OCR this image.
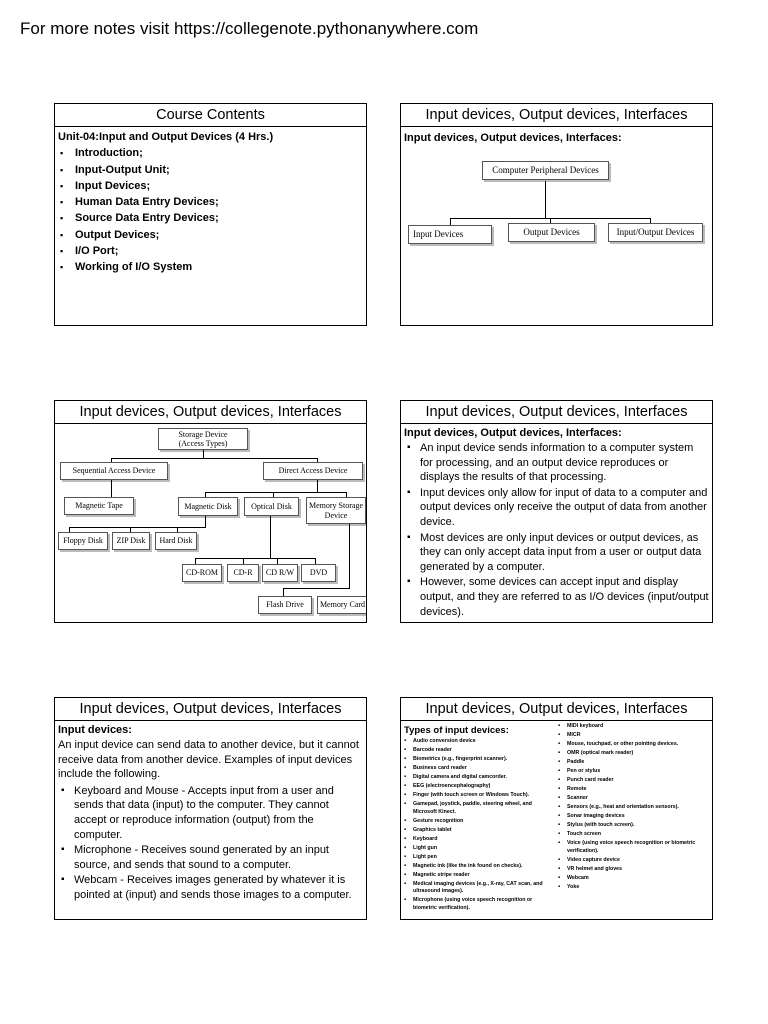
For more notes visit https://collegenote.pythonanywhere.com
Course Contents
Unit-04:Input and Output Devices (4 Hrs.)
▪ Introduction;
▪ Input-Output Unit;
▪ Input Devices;
▪ Human Data Entry Devices;
▪ Source Data Entry Devices;
▪ Output Devices;
▪ I/O Port;
▪ Working of I/O System
Input devices, Output devices, Interfaces
Input devices, Output devices, Interfaces:
Computer Peripheral Devices
Input Devices	Output Devices	Input/Output Devices
Input devices, Output devices, Interfaces
Storage Device (Access Types)
Sequential Access Device	Direct Access Device
Magnetic Tape	Magnetic Disk	Optical Disk	Memory Storage Device
Floppy Disk	ZIP Disk	Hard Disk
CD-ROM	CD-R	CD R/W	DVD
Flash Drive	Memory Card
Input devices, Output devices, Interfaces
Input devices, Output devices, Interfaces:
▪ An input device sends information to a computer system for processing, and an output device reproduces or displays the results of that processing.
▪ Input devices only allow for input of data to a computer and output devices only receive the output of data from another device.
▪ Most devices are only input devices or output devices, as they can only accept data input from a user or output data generated by a computer.
▪ However, some devices can accept input and display output, and they are referred to as I/O devices (input/output devices).
Input devices, Output devices, Interfaces
Input devices:
An input device can send data to another device, but it cannot receive data from another device. Examples of input devices include the following.
▪ Keyboard and Mouse - Accepts input from a user and sends that data (input) to the computer. They cannot accept or reproduce information (output) from the computer.
▪ Microphone - Receives sound generated by an input source, and sends that sound to a computer.
▪ Webcam - Receives images generated by whatever it is pointed at (input) and sends those images to a computer.
Input devices, Output devices, Interfaces
Types of input devices:
▪ Audio conversion device
▪ Barcode reader
▪ Biometrics (e.g., fingerprint scanner).
▪ Business card reader
▪ Digital camera and digital camcorder.
▪ EEG (electroencephalography)
▪ Finger (with touch screen or Windows Touch).
▪ Gamepad, joystick, paddle, steering wheel, and Microsoft Kinect.
▪ Gesture recognition
▪ Graphics tablet
▪ Keyboard
▪ Light gun
▪ Light pen
▪ Magnetic ink (like the ink found on checks).
▪ Magnetic stripe reader
▪ Medical imaging devices (e.g., X-ray, CAT scan, and ultrasound images).
▪ Microphone (using voice speech recognition or biometric verification).
▪ MIDI keyboard
▪ MICR
▪ Mouse, touchpad, or other pointing devices.
▪ OMR (optical mark reader)
▪ Paddle
▪ Pen or stylus
▪ Punch card reader
▪ Remote
▪ Scanner
▪ Sensors (e.g., heat and orientation sensors).
▪ Sonar imaging devices
▪ Stylus (with touch screen).
▪ Touch screen
▪ Voice (using voice speech recognition or biometric verification).
▪ Video capture device
▪ VR helmet and gloves
▪ Webcam
▪ Yoke
